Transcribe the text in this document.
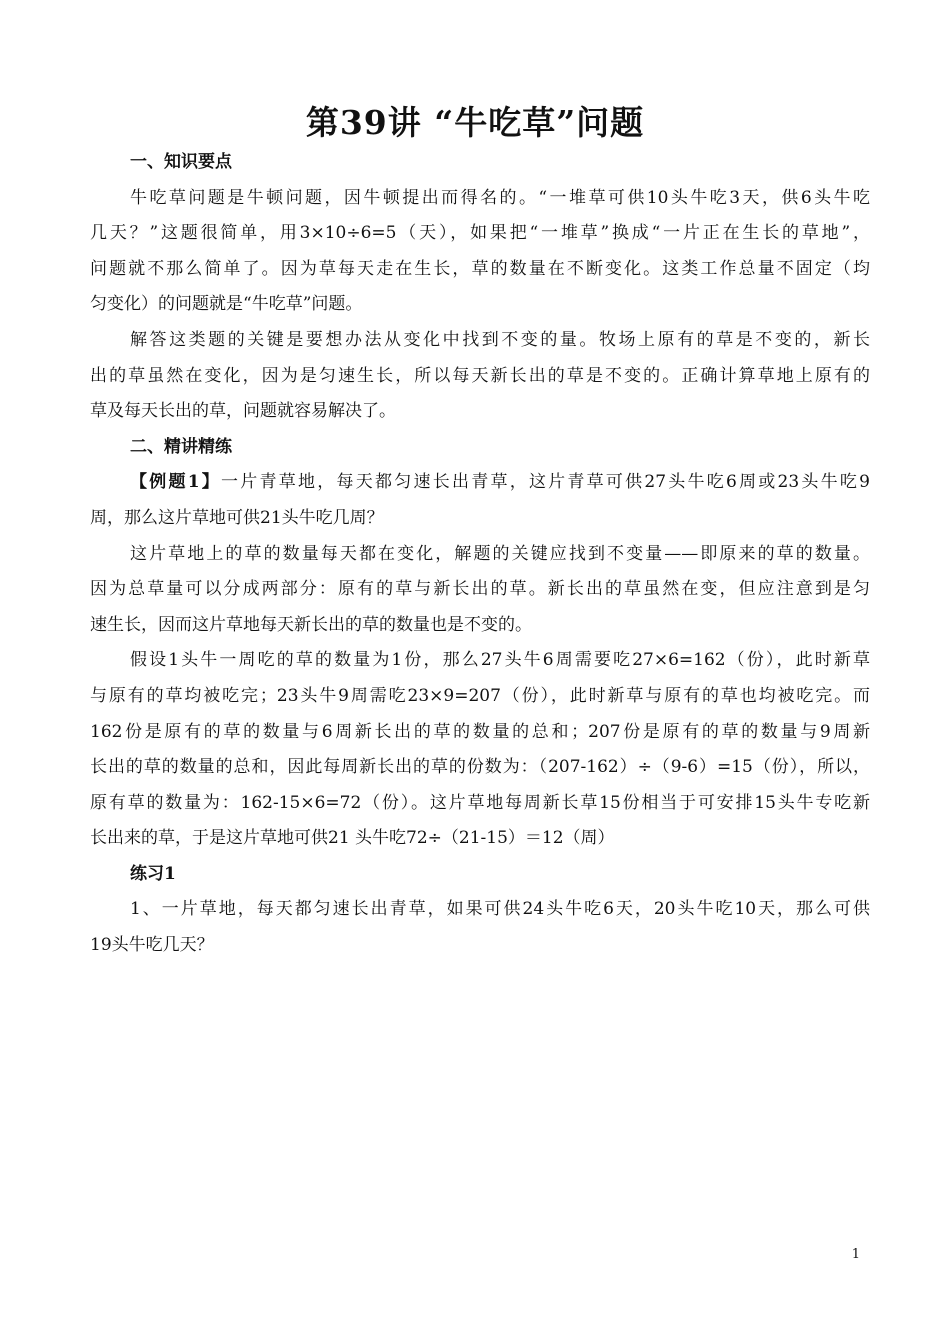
第39讲 “牛吃草”问题
一、知识要点
牛吃草问题是牛顿问题，因牛顿提出而得名的。“一堆草可供10头牛吃3天，供6头牛吃
几天？”这题很简单，用3×10÷6=5（天），如果把“一堆草”换成“一片正在生长的草地”，
问题就不那么简单了。因为草每天走在生长，草的数量在不断变化。这类工作总量不固定（均
匀变化）的问题就是“牛吃草”问题。
解答这类题的关键是要想办法从变化中找到不变的量。牧场上原有的草是不变的，新长
出的草虽然在变化，因为是匀速生长，所以每天新长出的草是不变的。正确计算草地上原有的
草及每天长出的草，问题就容易解决了。
二、精讲精练
【例题1】一片青草地，每天都匀速长出青草，这片青草可供27头牛吃6周或23头牛吃9
周，那么这片草地可供21头牛吃几周？
这片草地上的草的数量每天都在变化，解题的关键应找到不变量——即原来的草的数量。
因为总草量可以分成两部分：原有的草与新长出的草。新长出的草虽然在变，但应注意到是匀
速生长，因而这片草地每天新长出的草的数量也是不变的。
假设1头牛一周吃的草的数量为1份，那么27头牛6周需要吃27×6=162（份），此时新草
与原有的草均被吃完；23头牛9周需吃23×9=207（份），此时新草与原有的草也均被吃完。而
162份是原有的草的数量与6周新长出的草的数量的总和；207份是原有的草的数量与9周新
长出的草的数量的总和，因此每周新长出的草的份数为：（207-162）÷（9-6）=15（份），所以，
原有草的数量为：162-15×6=72（份）。这片草地每周新长草15份相当于可安排15头牛专吃新
长出来的草，于是这片草地可供21 头牛吃72÷（21-15）＝12（周）
练习1
1、一片草地，每天都匀速长出青草，如果可供24头牛吃6天，20头牛吃10天，那么可供
19头牛吃几天？
1
